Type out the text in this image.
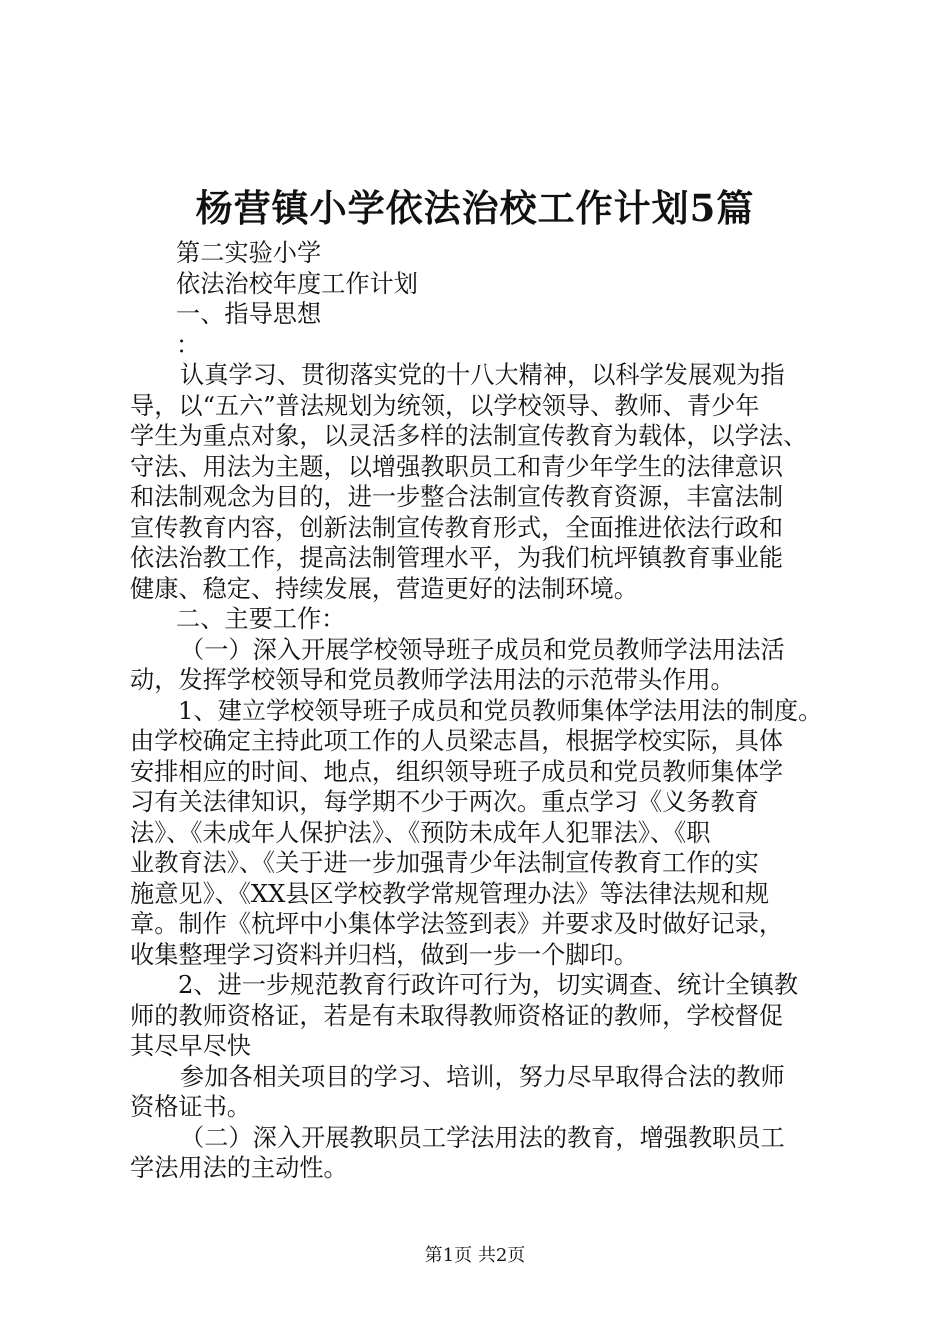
杨营镇小学依法治校工作计划5篇
第二实验小学
依法治校年度工作计划
一、指导思想
：
认真学习、贯彻落实党的十八大精神，以科学发展观为指
导，以“五六”普法规划为统领，以学校领导、教师、青少年
学生为重点对象，以灵活多样的法制宣传教育为载体，以学法、
守法、用法为主题，以增强教职员工和青少年学生的法律意识
和法制观念为目的，进一步整合法制宣传教育资源，丰富法制
宣传教育内容，创新法制宣传教育形式，全面推进依法行政和
依法治教工作，提高法制管理水平，为我们杭坪镇教育事业能
健康、稳定、持续发展，营造更好的法制环境。
二、主要工作：
（一）深入开展学校领导班子成员和党员教师学法用法活
动，发挥学校领导和党员教师学法用法的示范带头作用。
1、建立学校领导班子成员和党员教师集体学法用法的制度。
由学校确定主持此项工作的人员梁志昌，根据学校实际，具体
安排相应的时间、地点，组织领导班子成员和党员教师集体学
习有关法律知识，每学期不少于两次。重点学习《义务教育
法》、《未成年人保护法》、《预防未成年人犯罪法》、《职
业教育法》、《关于进一步加强青少年法制宣传教育工作的实
施意见》、《XX县区学校教学常规管理办法》等法律法规和规
章。制作《杭坪中小集体学法签到表》并要求及时做好记录，
收集整理学习资料并归档，做到一步一个脚印。
2、进一步规范教育行政许可行为，切实调查、统计全镇教
师的教师资格证，若是有未取得教师资格证的教师，学校督促
其尽早尽快
参加各相关项目的学习、培训，努力尽早取得合法的教师
资格证书。
（二）深入开展教职员工学法用法的教育，增强教职员工
学法用法的主动性。
第1页 共2页
